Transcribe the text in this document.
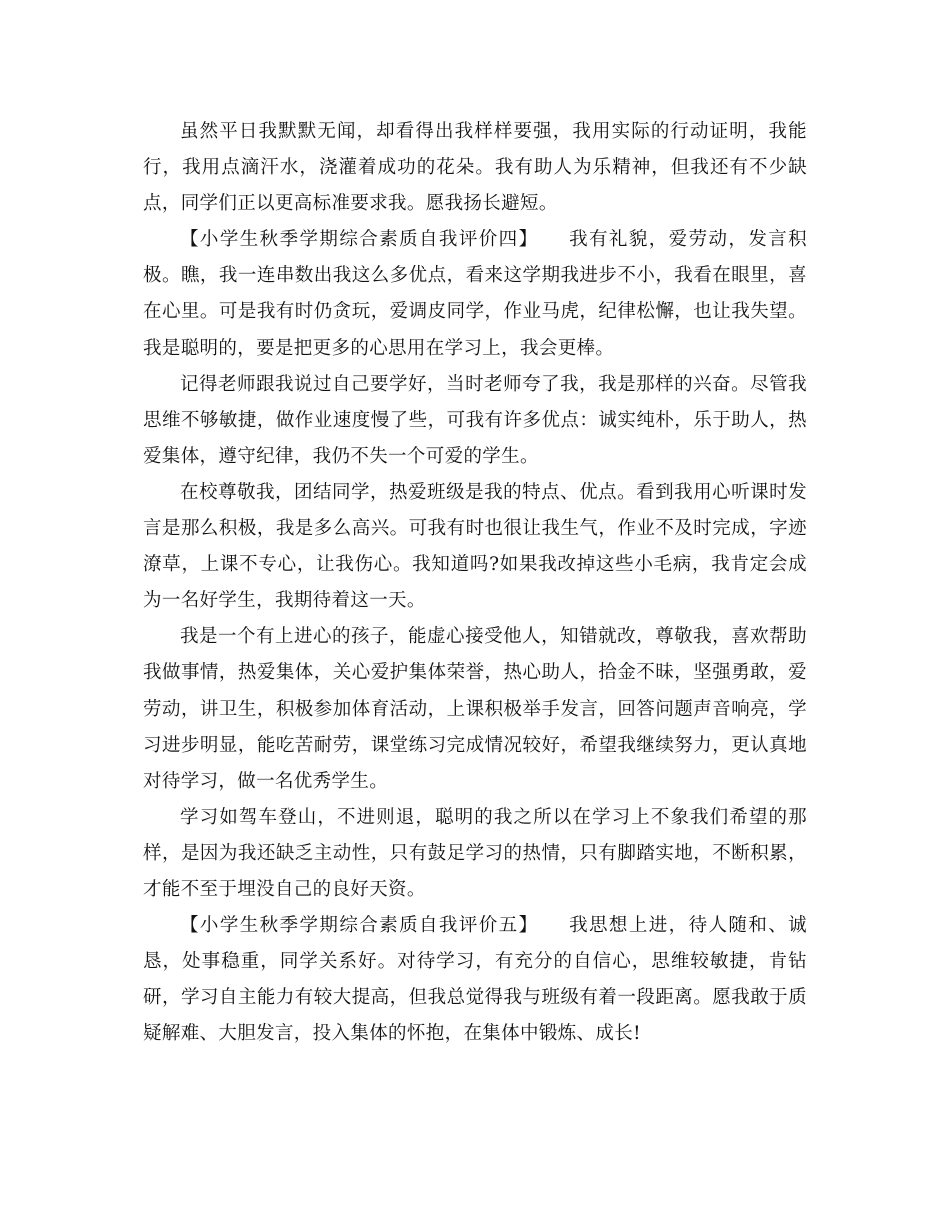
虽然平日我默默无闻，却看得出我样样要强，我用实际的行动证明，我能行，我用点滴汗水，浇灌着成功的花朵。我有助人为乐精神，但我还有不少缺点，同学们正以更高标准要求我。愿我扬长避短。

【小学生秋季学期综合素质自我评价四】　　我有礼貌，爱劳动，发言积极。瞧，我一连串数出我这么多优点，看来这学期我进步不小，我看在眼里，喜在心里。可是我有时仍贪玩，爱调皮同学，作业马虎，纪律松懈，也让我失望。我是聪明的，要是把更多的心思用在学习上，我会更棒。

记得老师跟我说过自己要学好，当时老师夸了我，我是那样的兴奋。尽管我思维不够敏捷，做作业速度慢了些，可我有许多优点：诚实纯朴，乐于助人，热爱集体，遵守纪律，我仍不失一个可爱的学生。

在校尊敬我，团结同学，热爱班级是我的特点、优点。看到我用心听课时发言是那么积极，我是多么高兴。可我有时也很让我生气，作业不及时完成，字迹潦草，上课不专心，让我伤心。我知道吗?如果我改掉这些小毛病，我肯定会成为一名好学生，我期待着这一天。

我是一个有上进心的孩子，能虚心接受他人，知错就改，尊敬我，喜欢帮助我做事情，热爱集体，关心爱护集体荣誉，热心助人，拾金不昧，坚强勇敢，爱劳动，讲卫生，积极参加体育活动，上课积极举手发言，回答问题声音响亮，学习进步明显，能吃苦耐劳，课堂练习完成情况较好，希望我继续努力，更认真地对待学习，做一名优秀学生。

学习如驾车登山，不进则退，聪明的我之所以在学习上不象我们希望的那样，是因为我还缺乏主动性，只有鼓足学习的热情，只有脚踏实地，不断积累，才能不至于埋没自己的良好天资。

【小学生秋季学期综合素质自我评价五】　　我思想上进，待人随和、诚恳，处事稳重，同学关系好。对待学习，有充分的自信心，思维较敏捷，肯钻研，学习自主能力有较大提高，但我总觉得我与班级有着一段距离。愿我敢于质疑解难、大胆发言，投入集体的怀抱，在集体中锻炼、成长!
